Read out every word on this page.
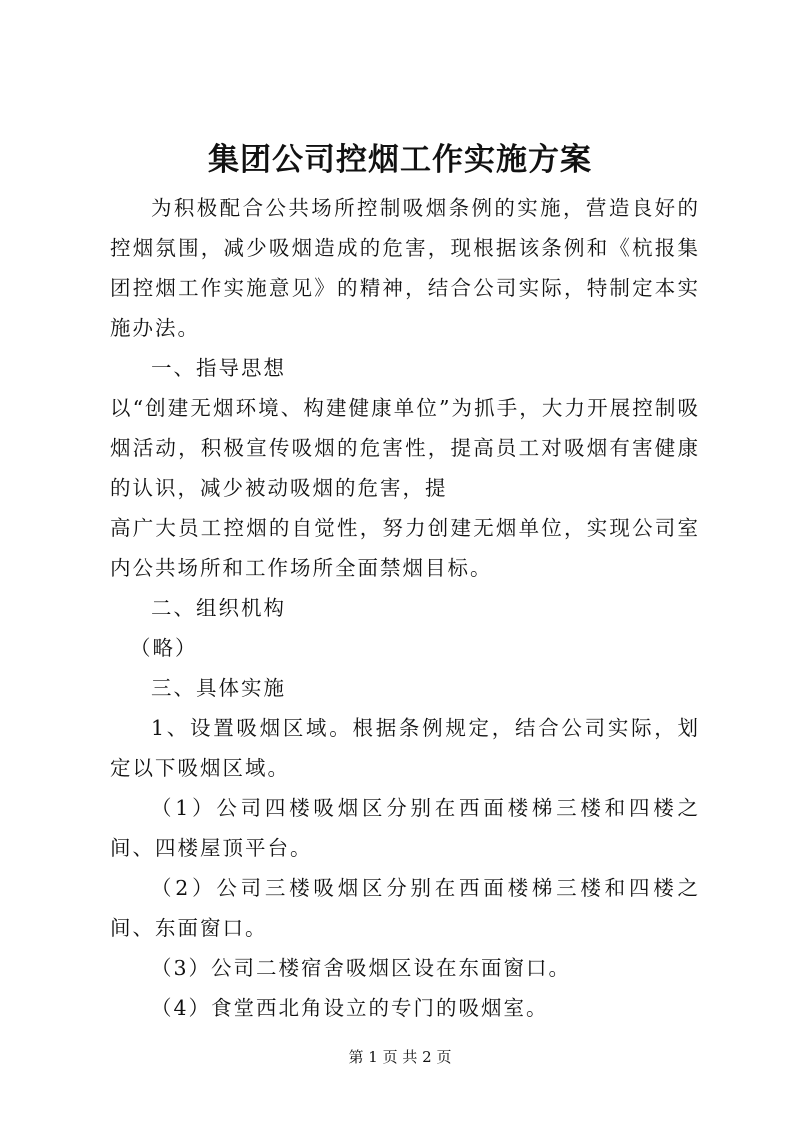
集团公司控烟工作实施方案

为积极配合公共场所控制吸烟条例的实施，营造良好的控烟氛围，减少吸烟造成的危害，现根据该条例和《杭报集团控烟工作实施意见》的精神，结合公司实际，特制定本实施办法。

一、指导思想

以“创建无烟环境、构建健康单位”为抓手，大力开展控制吸烟活动，积极宣传吸烟的危害性，提高员工对吸烟有害健康的认识，减少被动吸烟的危害，提

高广大员工控烟的自觉性，努力创建无烟单位，实现公司室内公共场所和工作场所全面禁烟目标。

二、组织机构

（略）

三、具体实施

1、设置吸烟区域。根据条例规定，结合公司实际，划定以下吸烟区域。

（1）公司四楼吸烟区分别在西面楼梯三楼和四楼之间、四楼屋顶平台。

（2）公司三楼吸烟区分别在西面楼梯三楼和四楼之间、东面窗口。

（3）公司二楼宿舍吸烟区设在东面窗口。

（4）食堂西北角设立的专门的吸烟室。

第 1 页 共 2 页
